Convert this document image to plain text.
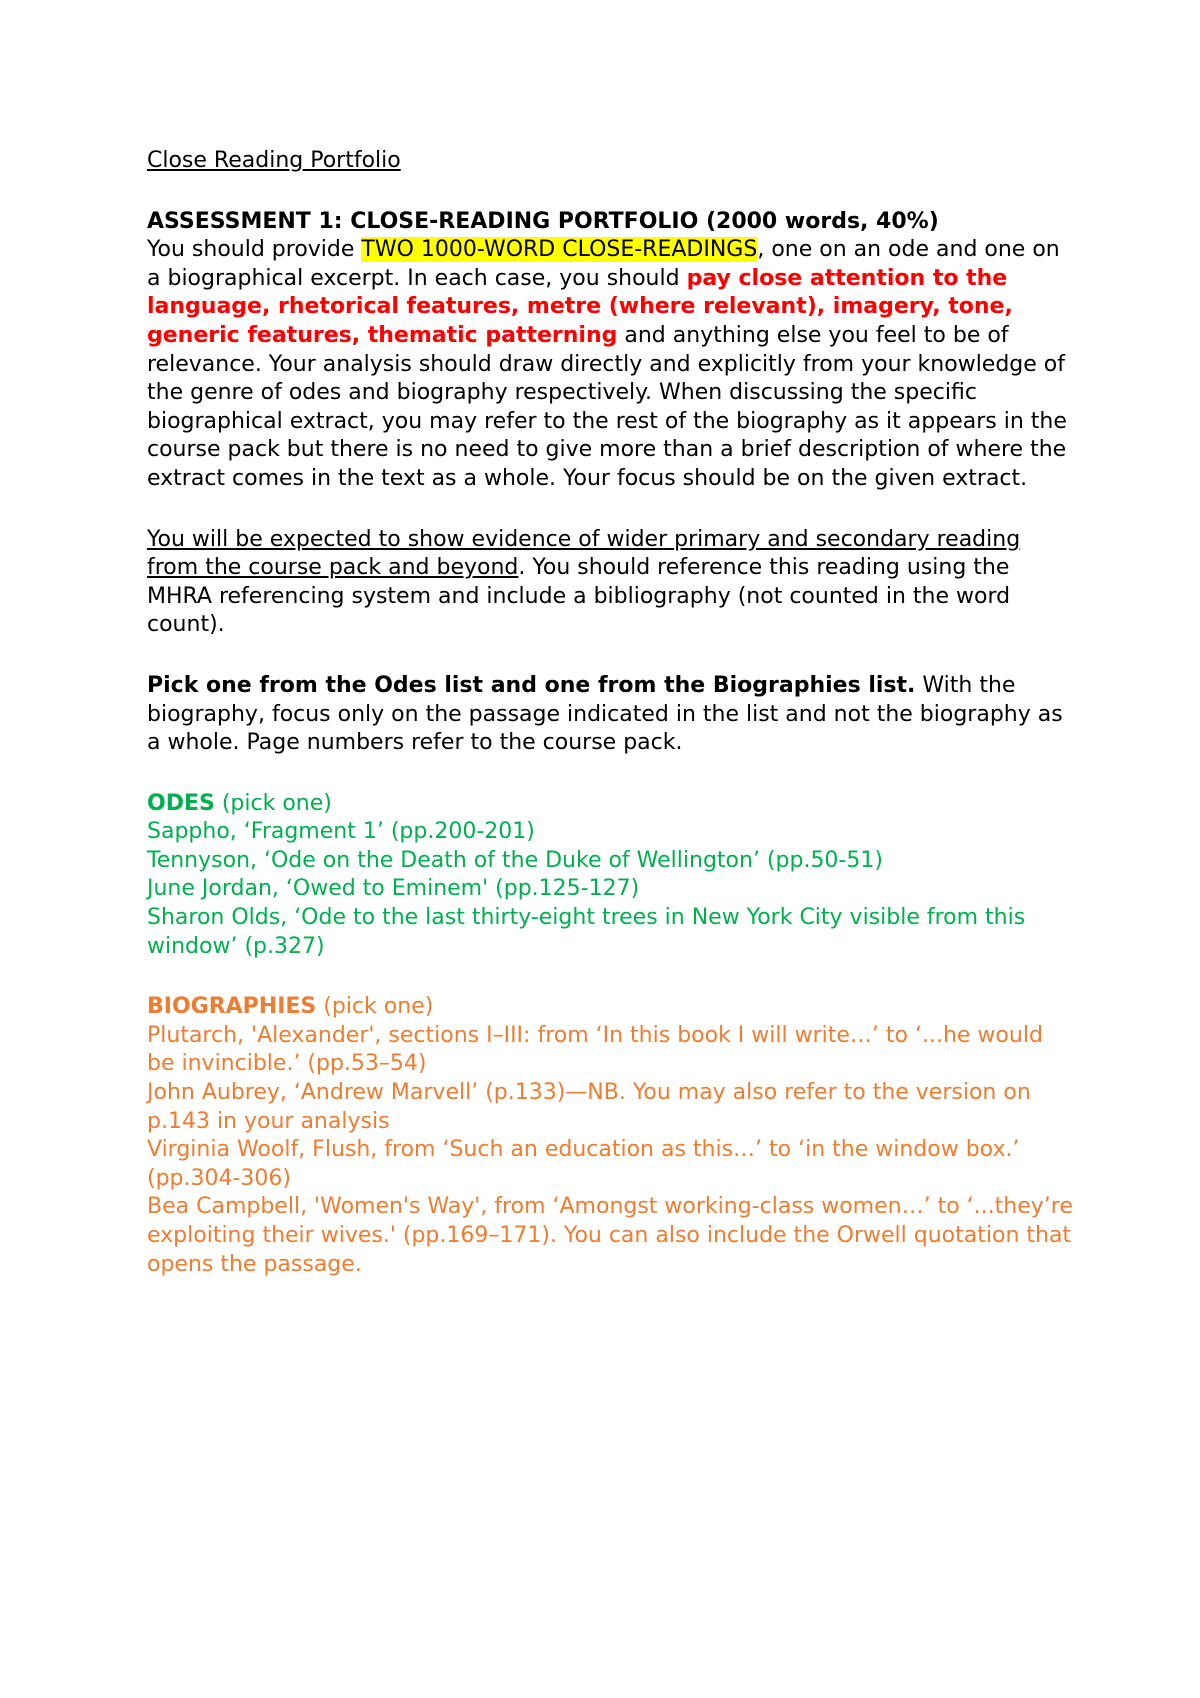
Close Reading Portfolio

ASSESSMENT 1: CLOSE-READING PORTFOLIO (2000 words, 40%)

You should provide TWO 1000-WORD CLOSE-READINGS, one on an ode and one on a biographical excerpt. In each case, you should pay close attention to the language, rhetorical features, metre (where relevant), imagery, tone, generic features, thematic patterning and anything else you feel to be of relevance. Your analysis should draw directly and explicitly from your knowledge of the genre of odes and biography respectively. When discussing the specific biographical extract, you may refer to the rest of the biography as it appears in the course pack but there is no need to give more than a brief description of where the extract comes in the text as a whole. Your focus should be on the given extract.

You will be expected to show evidence of wider primary and secondary reading from the course pack and beyond. You should reference this reading using the MHRA referencing system and include a bibliography (not counted in the word count).

Pick one from the Odes list and one from the Biographies list. With the biography, focus only on the passage indicated in the list and not the biography as a whole. Page numbers refer to the course pack.

ODES (pick one)

Sappho, ‘Fragment 1’ (pp.200-201)

Tennyson, ‘Ode on the Death of the Duke of Wellington’ (pp.50-51)

June Jordan, ‘Owed to Eminem' (pp.125-127)

Sharon Olds, ‘Ode to the last thirty-eight trees in New York City visible from this window’ (p.327)

BIOGRAPHIES (pick one)

Plutarch, 'Alexander', sections I–III: from ‘In this book I will write…’ to ‘...he would be invincible.’ (pp.53–54)

John Aubrey, ‘Andrew Marvell’ (p.133)—NB. You may also refer to the version on p.143 in your analysis

Virginia Woolf, Flush, from ‘Such an education as this…’ to ‘in the window box.’ (pp.304-306)

Bea Campbell, 'Women's Way', from ‘Amongst working-class women…’ to ‘...they’re exploiting their wives.' (pp.169–171). You can also include the Orwell quotation that opens the passage.
